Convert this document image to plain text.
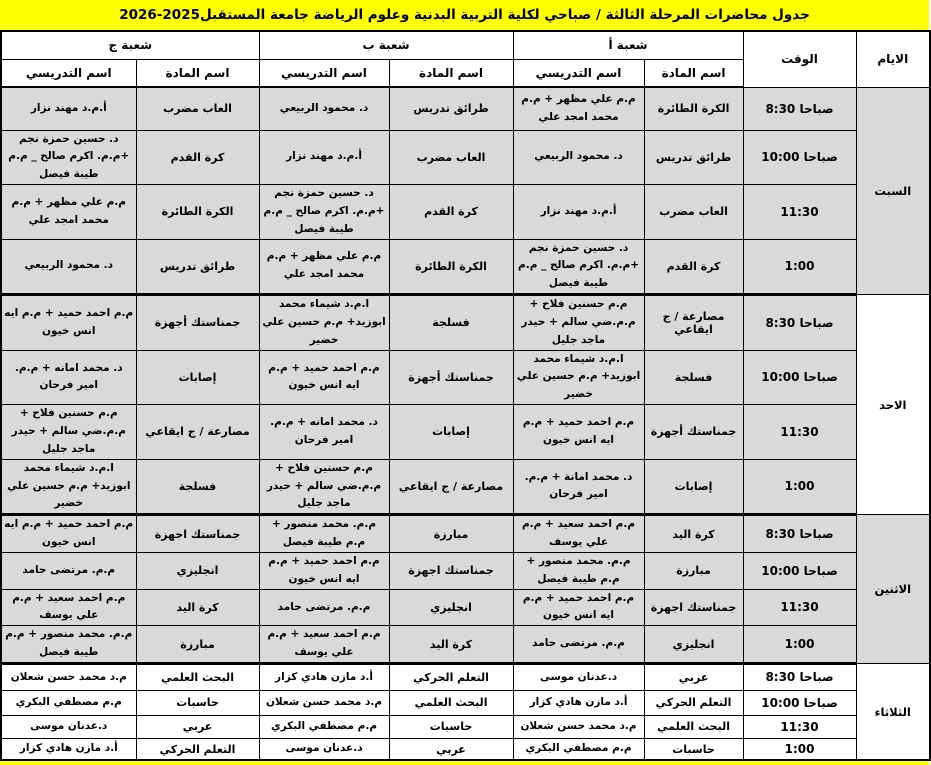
جدول محاضرات المرحلة الثالثة / صباحي لكلية التربية البدنية وعلوم الرياضة جامعة المستقبل2025-2026
الايام	الوقت	شعبة أ		شعبة ب		شعبة ج	
		اسم المادة	اسم التدريسي	اسم المادة	اسم التدريسي	اسم المادة	اسم التدريسي
السبت	8:30 صباحا	الكرة الطائرة	م.م علي مظهر + م.م محمد امجد علي	طرائق تدريس	د. محمود الربيعي	العاب مضرب	أ.م.د مهند نزار
	10:00 صباحا	طرائق تدريس	د. محمود الربيعي	العاب مضرب	أ.م.د مهند نزار	كرة القدم	د. حسين حمزة نجم +م.م. اكرم صالح _ م.م طيبة فيصل
	11:30	العاب مضرب	أ.م.د مهند نزار	كرة القدم	د. حسين حمزة نجم +م.م. اكرم صالح _ م.م طيبة فيصل	الكرة الطائرة	م.م علي مظهر + م.م محمد امجد علي
	1:00	كرة القدم	د. حسين حمزة نجم +م.م. اكرم صالح _ م.م طيبة فيصل	الكرة الطائرة	م.م علي مظهر + م.م محمد امجد علي	طرائق تدريس	د. محمود الربيعي
الاحد	8:30 صباحا	مصارعة / ج ايقاعي	م.م حسنين فلاح + م.م.ضي سالم + حيدر ماجد جليل	فسلجة	ا.م.د شيماء محمد ابوزيد+ م.م حسين علي خضير	جمناستك أجهزة	م.م احمد حميد + م.م ايه انس خيون
	10:00 صباحا	فسلجة	ا.م.د شيماء محمد ابوزيد+ م.م حسين علي خضير	جمناستك أجهزة	م.م احمد حميد + م.م ايه انس خيون	إصابات	د. محمد امانه + م.م. امير فرحان
	11:30	جمناستك أجهزة	م.م احمد حميد + م.م ايه انس خيون	إصابات	د. محمد امانه + م.م. امير فرحان	مصارعة / ج ايقاعي	م.م حسنين فلاح + م.م.ضي سالم + حيدر ماجد جليل
	1:00	إصابات	د. محمد امانة + م.م. امير فرحان	مصارعة / ج ايقاعي	م.م حسنين فلاح + م.م.ضي سالم + حيدر ماجد جليل	فسلجة	ا.م.د شيماء محمد ابوزيد+ م.م حسين علي خضير
الاثنين	8:30 صباحا	كرة اليد	م.م احمد سعيد + م.م علي يوسف	مبارزة	م.م. محمد منصور + م.م طيبة فيصل	جمناستك اجهزة	م.م احمد حميد + م.م ايه انس خيون
	10:00 صباحا	مبارزة	م.م. محمد منصور + م.م طيبة فيصل	جمناستك اجهزة	م.م احمد حميد + م.م ايه انس خيون	انجليزي	م.م. مرتضى حامد
	11:30	جمناستك اجهزة	م.م احمد حميد + م.م ايه انس خيون	انجليزي	م.م. مرتضى حامد	كرة اليد	م.م احمد سعيد + م.م علي يوسف
	1:00	انجليزي	م.م. مرتضى حامد	كرة اليد	م.م احمد سعيد + م.م علي يوسف	مبارزة	م.م. محمد منصور + م.م طيبة فيصل
الثلاثاء	8:30 صباحا	عربي	د.عدنان موسى	التعلم الحركي	أ.د مازن هادي كزار	البحث العلمي	م.د محمد حسن شعلان
	10:00 صباحا	التعلم الحركي	أ.د مازن هادي كزار	البحث العلمي	م.د محمد حسن شعلان	حاسبات	م.م مصطفي البكري
	11:30	البحث العلمي	م.د محمد حسن شعلان	حاسبات	م.م مصطفي البكري	عربي	د.عدنان موسى
	1:00	حاسبات	م.م مصطفي البكري	عربي	د.عدنان موسى	التعلم الحركي	أ.د مازن هادي كزار
